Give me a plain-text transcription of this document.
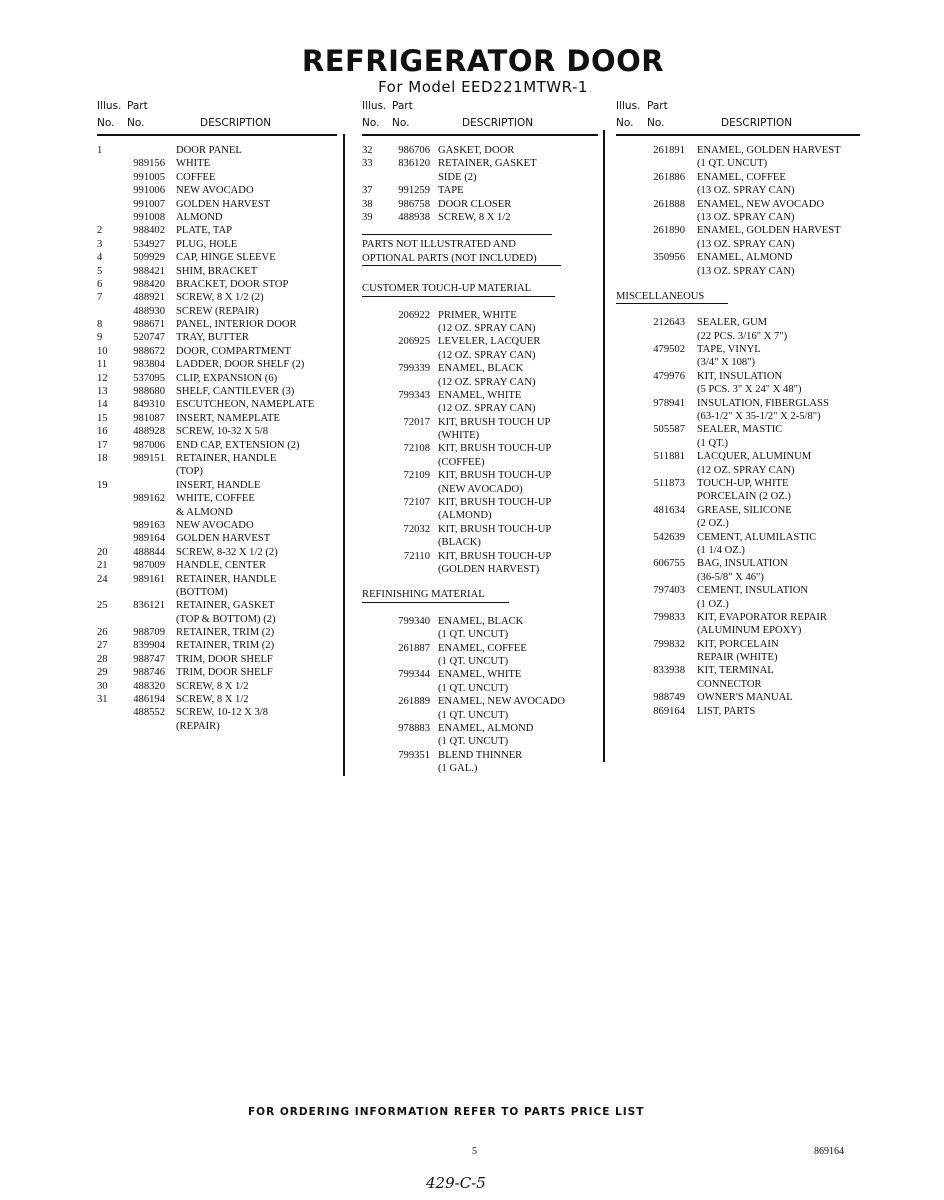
REFRIGERATOR DOOR
For Model EED221MTWR-1
Illus. Part
No. No.	DESCRIPTION
1	DOOR PANEL
989156 WHITE
991005 COFFEE
991006 NEW AVOCADO
991007 GOLDEN HARVEST
991008 ALMOND
2	988402 PLATE, TAP
3	534927 PLUG, HOLE
4	509929 CAP, HINGE SLEEVE
5	988421 SHIM, BRACKET
6	988420 BRACKET, DOOR STOP
7	488921 SCREW, 8 X 1/2 (2)
488930 SCREW (REPAIR)
8	988671 PANEL, INTERIOR DOOR
9	520747 TRAY, BUTTER
10	988672 DOOR, COMPARTMENT
11	983804 LADDER, DOOR SHELF (2)
12	537095 CLIP, EXPANSION (6)
13	988680 SHELF, CANTILEVER (3)
14	849310 ESCUTCHEON, NAMEPLATE
15	981087 INSERT, NAMEPLATE
16	488928 SCREW, 10-32 X 5/8
17	987006 END CAP, EXTENSION (2)
18	989151 RETAINER, HANDLE
(TOP)
19	INSERT, HANDLE
989162 WHITE, COFFEE
& ALMOND
989163 NEW AVOCADO
989164 GOLDEN HARVEST
20	488844 SCREW, 8-32 X 1/2 (2)
21	987009 HANDLE, CENTER
24	989161 RETAINER, HANDLE
(BOTTOM)
25	836121 RETAINER, GASKET
(TOP & BOTTOM) (2)
26	988709 RETAINER, TRIM (2)
27	839904 RETAINER, TRIM (2)
28	988747 TRIM, DOOR SHELF
29	988746 TRIM, DOOR SHELF
30	488320 SCREW, 8 X 1/2
31	486194 SCREW, 8 X 1/2
488552 SCREW, 10-12 X 3/8
(REPAIR)
Illus. Part
No. No.	DESCRIPTION
32	986706 GASKET, DOOR
33	836120 RETAINER, GASKET
SIDE (2)
37	991259 TAPE
38	986758 DOOR CLOSER
39	488938 SCREW, 8 X 1/2
PARTS NOT ILLUSTRATED AND
OPTIONAL PARTS (NOT INCLUDED)
CUSTOMER TOUCH-UP MATERIAL
206922 PRIMER, WHITE
(12 OZ. SPRAY CAN)
206925 LEVELER, LACQUER
(12 OZ. SPRAY CAN)
799339 ENAMEL, BLACK
(12 OZ. SPRAY CAN)
799343 ENAMEL, WHITE
(12 OZ. SPRAY CAN)
72017 KIT, BRUSH TOUCH UP
(WHITE)
72108 KIT, BRUSH TOUCH-UP
(COFFEE)
72109 KIT, BRUSH TOUCH-UP
(NEW AVOCADO)
72107 KIT, BRUSH TOUCH-UP
(ALMOND)
72032 KIT, BRUSH TOUCH-UP
(BLACK)
72110 KIT, BRUSH TOUCH-UP
(GOLDEN HARVEST)
REFINISHING MATERIAL
799340 ENAMEL, BLACK
(1 QT. UNCUT)
261887 ENAMEL, COFFEE
(1 QT. UNCUT)
799344 ENAMEL, WHITE
(1 QT. UNCUT)
261889 ENAMEL, NEW AVOCADO
(1 QT. UNCUT)
978883 ENAMEL, ALMOND
(1 QT. UNCUT)
799351 BLEND THINNER
(1 GAL.)
Illus. Part
No. No.	DESCRIPTION
261891 ENAMEL, GOLDEN HARVEST
(1 QT. UNCUT)
261886 ENAMEL, COFFEE
(13 OZ. SPRAY CAN)
261888 ENAMEL, NEW AVOCADO
(13 OZ. SPRAY CAN)
261890 ENAMEL, GOLDEN HARVEST
(13 OZ. SPRAY CAN)
350956 ENAMEL, ALMOND
(13 OZ. SPRAY CAN)
MISCELLANEOUS
212643 SEALER, GUM
(22 PCS. 3/16" X 7")
479502 TAPE, VINYL
(3/4" X 108")
479976 KIT, INSULATION
(5 PCS. 3" X 24" X 48")
978941 INSULATION, FIBERGLASS
(63-1/2" X 35-1/2" X 2-5/8")
505587 SEALER, MASTIC
(1 QT.)
511881 LACQUER, ALUMINUM
(12 OZ. SPRAY CAN)
511873 TOUCH-UP, WHITE
PORCELAIN (2 OZ.)
481634 GREASE, SILICONE
(2 OZ.)
542639 CEMENT, ALUMILASTIC
(1 1/4 OZ.)
606755 BAG, INSULATION
(36-5/8" X 46")
797403 CEMENT, INSULATION
(1 OZ.)
799833 KIT, EVAPORATOR REPAIR
(ALUMINUM EPOXY)
799832 KIT, PORCELAIN
REPAIR (WHITE)
833938 KIT, TERMINAL
CONNECTOR
988749 OWNER'S MANUAL
869164 LIST, PARTS
FOR ORDERING INFORMATION REFER TO PARTS PRICE LIST
5	869164
429-C-5
